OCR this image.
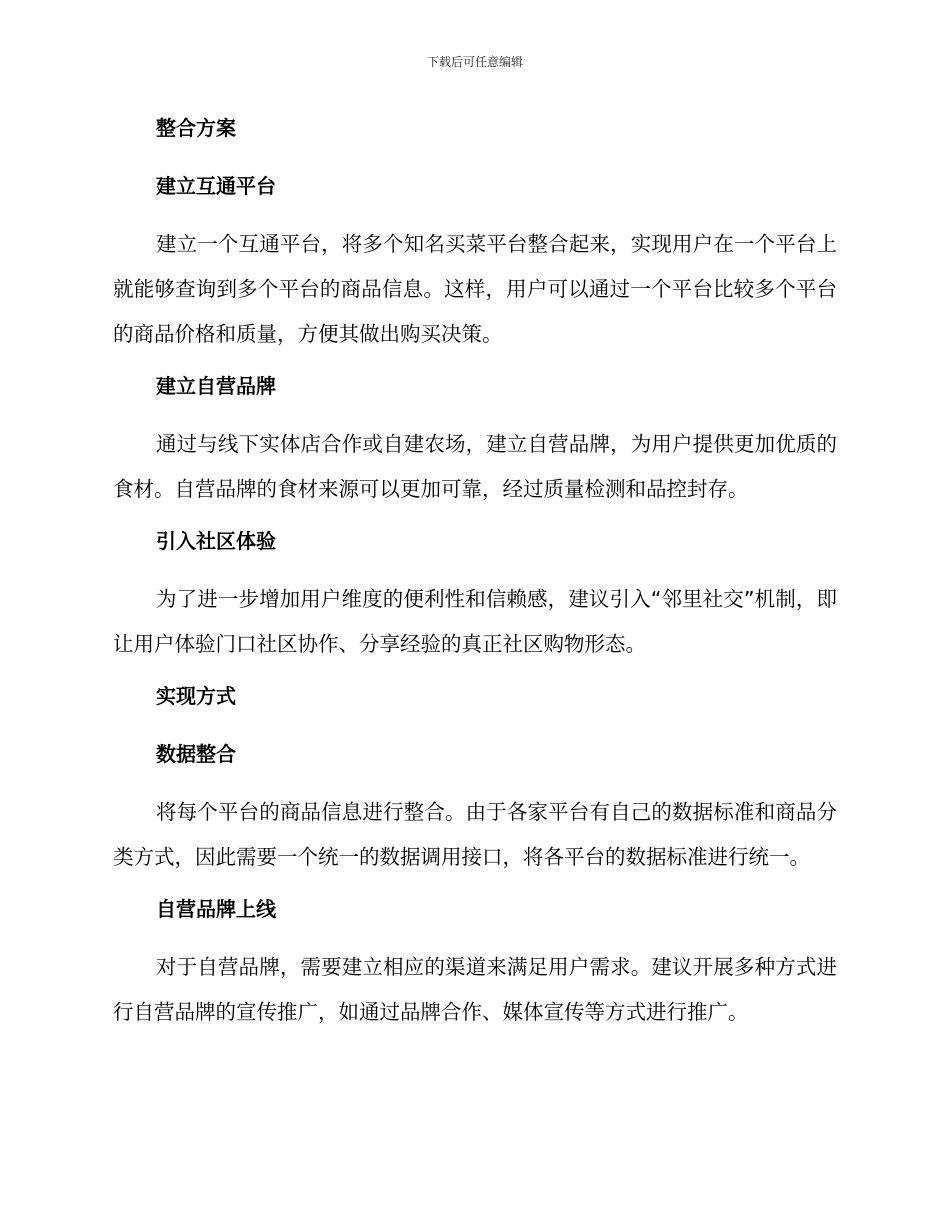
下载后可任意编辑
整合方案
建立互通平台

建立一个互通平台，将多个知名买菜平台整合起来，实现用户在一个平台上就能够查询到多个平台的商品信息。这样，用户可以通过一个平台比较多个平台的商品价格和质量，方便其做出购买决策。

建立自营品牌

通过与线下实体店合作或自建农场，建立自营品牌，为用户提供更加优质的食材。自营品牌的食材来源可以更加可靠，经过质量检测和品控封存。

引入社区体验

为了进一步增加用户维度的便利性和信赖感，建议引入“邻里社交”机制，即让用户体验门口社区协作、分享经验的真正社区购物形态。

实现方式
数据整合

将每个平台的商品信息进行整合。由于各家平台有自己的数据标准和商品分类方式，因此需要一个统一的数据调用接口，将各平台的数据标准进行统一。

自营品牌上线

对于自营品牌，需要建立相应的渠道来满足用户需求。建议开展多种方式进行自营品牌的宣传推广，如通过品牌合作、媒体宣传等方式进行推广。
